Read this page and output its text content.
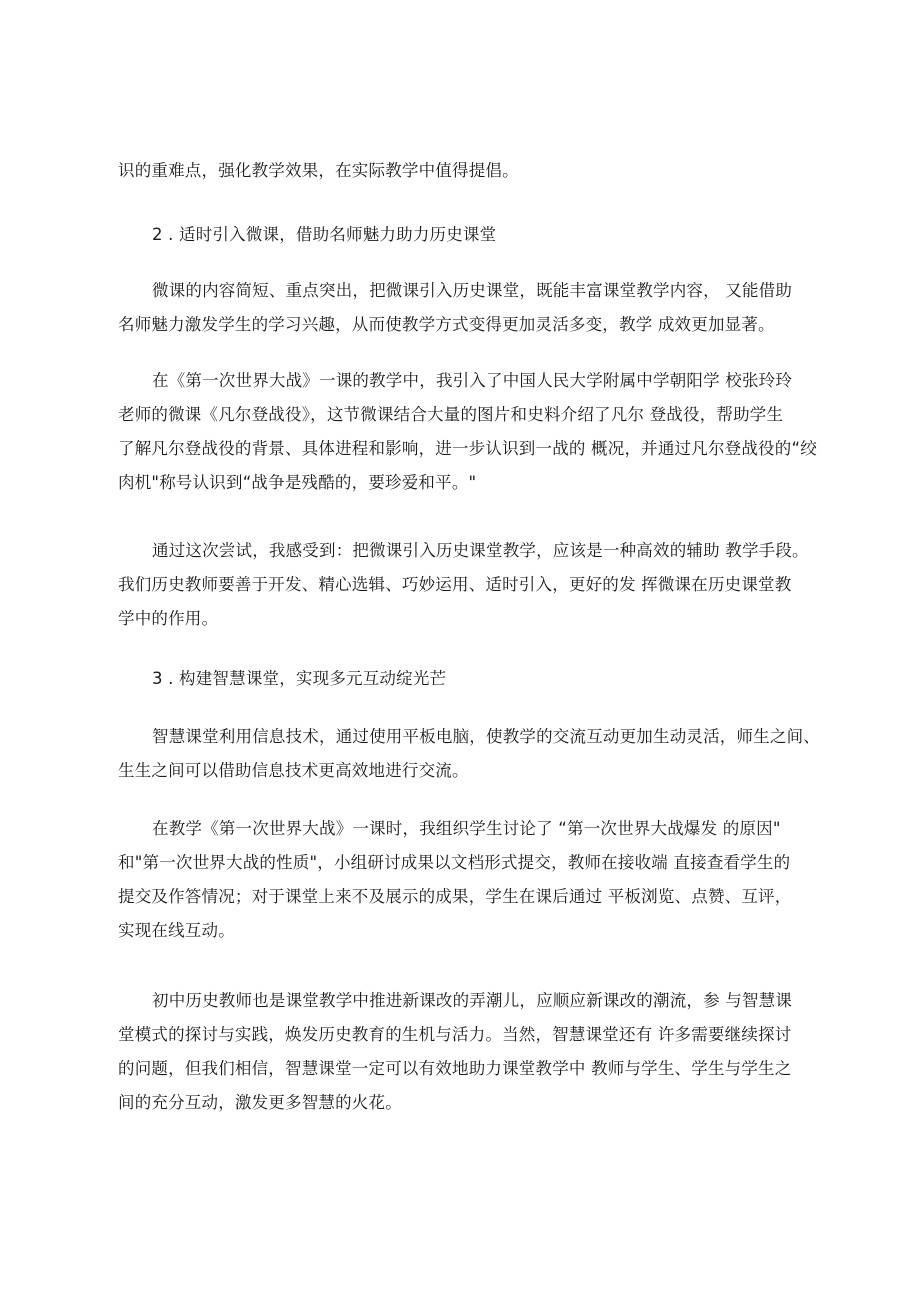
识的重难点，强化教学效果，在实际教学中值得提倡。
2 . 适时引入微课，借助名师魅力助力历史课堂
微课的内容简短、重点突出，把微课引入历史课堂，既能丰富课堂教学内容， 又能借助
名师魅力激发学生的学习兴趣，从而使教学方式变得更加灵活多变，教学 成效更加显著。
在《第一次世界大战》一课的教学中，我引入了中国人民大学附属中学朝阳学 校张玲玲
老师的微课《凡尔登战役》，这节微课结合大量的图片和史料介绍了凡尔 登战役，帮助学生
了解凡尔登战役的背景、具体进程和影响，进一步认识到一战的 概况，并通过凡尔登战役的“绞
肉机"称号认识到“战争是残酷的，要珍爱和平。"
通过这次尝试，我感受到：把微课引入历史课堂教学，应该是一种高效的辅助 教学手段。
我们历史教师要善于开发、精心选辑、巧妙运用、适时引入，更好的发 挥微课在历史课堂教
学中的作用。
3 . 构建智慧课堂，实现多元互动绽光芒
智慧课堂利用信息技术，通过使用平板电脑，使教学的交流互动更加生动灵活，师生之间、
生生之间可以借助信息技术更高效地进行交流。
在教学《第一次世界大战》一课时，我组织学生讨论了 “第一次世界大战爆发 的原因"
和"第一次世界大战的性质"，小组研讨成果以文档形式提交，教师在接收端 直接查看学生的
提交及作答情况；对于课堂上来不及展示的成果，学生在课后通过 平板浏览、点赞、互评，
实现在线互动。
初中历史教师也是课堂教学中推进新课改的弄潮儿，应顺应新课改的潮流，参 与智慧课
堂模式的探讨与实践，焕发历史教育的生机与活力。当然，智慧课堂还有 许多需要继续探讨
的问题，但我们相信，智慧课堂一定可以有效地助力课堂教学中 教师与学生、学生与学生之
间的充分互动，激发更多智慧的火花。
